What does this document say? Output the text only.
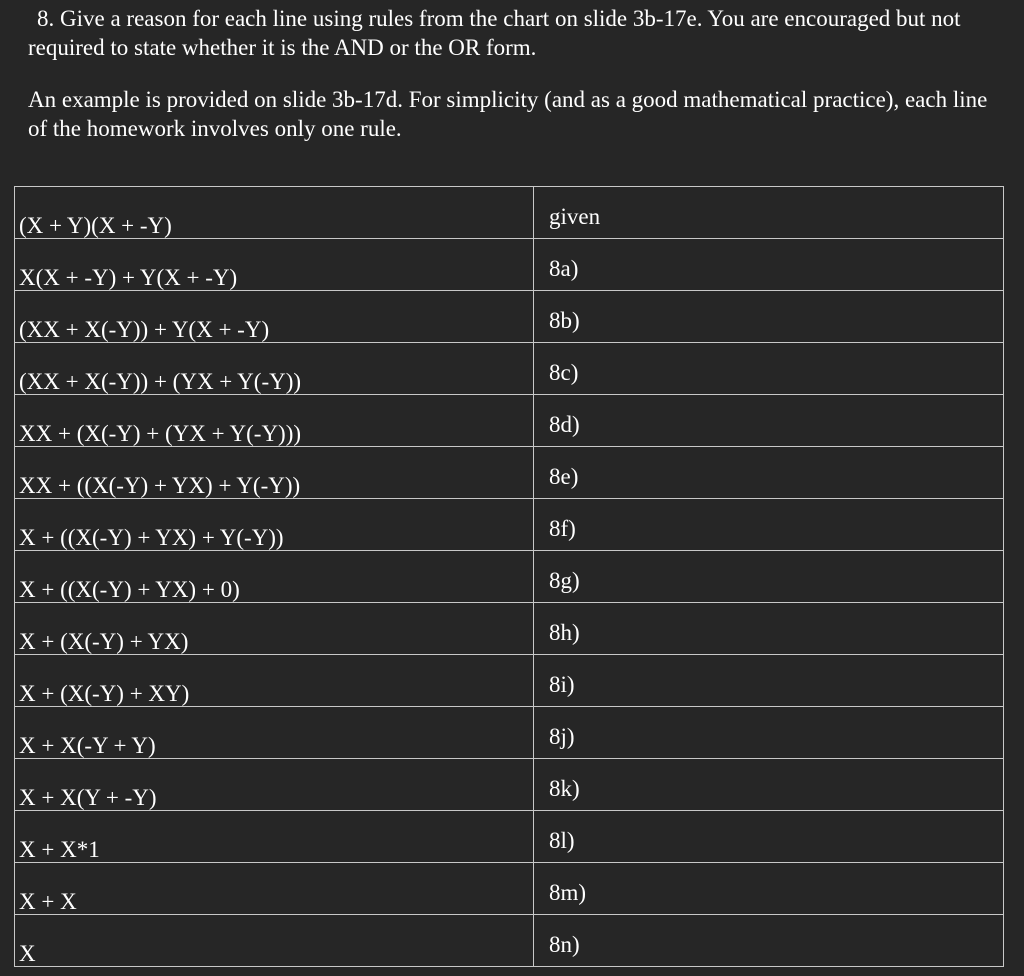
8. Give a reason for each line using rules from the chart on slide 3b-17e. You are encouraged but not required to state whether it is the AND or the OR form.

An example is provided on slide 3b-17d. For simplicity (and as a good mathematical practice), each line of the homework involves only one rule.

(X + Y)(X + -Y)	given
X(X + -Y) + Y(X + -Y)	8a)
(XX + X(-Y)) + Y(X + -Y)	8b)
(XX + X(-Y)) + (YX + Y(-Y))	8c)
XX + (X(-Y) + (YX + Y(-Y)))	8d)
XX + ((X(-Y) + YX) + Y(-Y))	8e)
X + ((X(-Y) + YX) + Y(-Y))	8f)
X + ((X(-Y) + YX) + 0)	8g)
X + (X(-Y) + YX)	8h)
X + (X(-Y) + XY)	8i)
X + X(-Y + Y)	8j)
X + X(Y + -Y)	8k)
X + X*1	8l)
X + X	8m)
X	8n)
